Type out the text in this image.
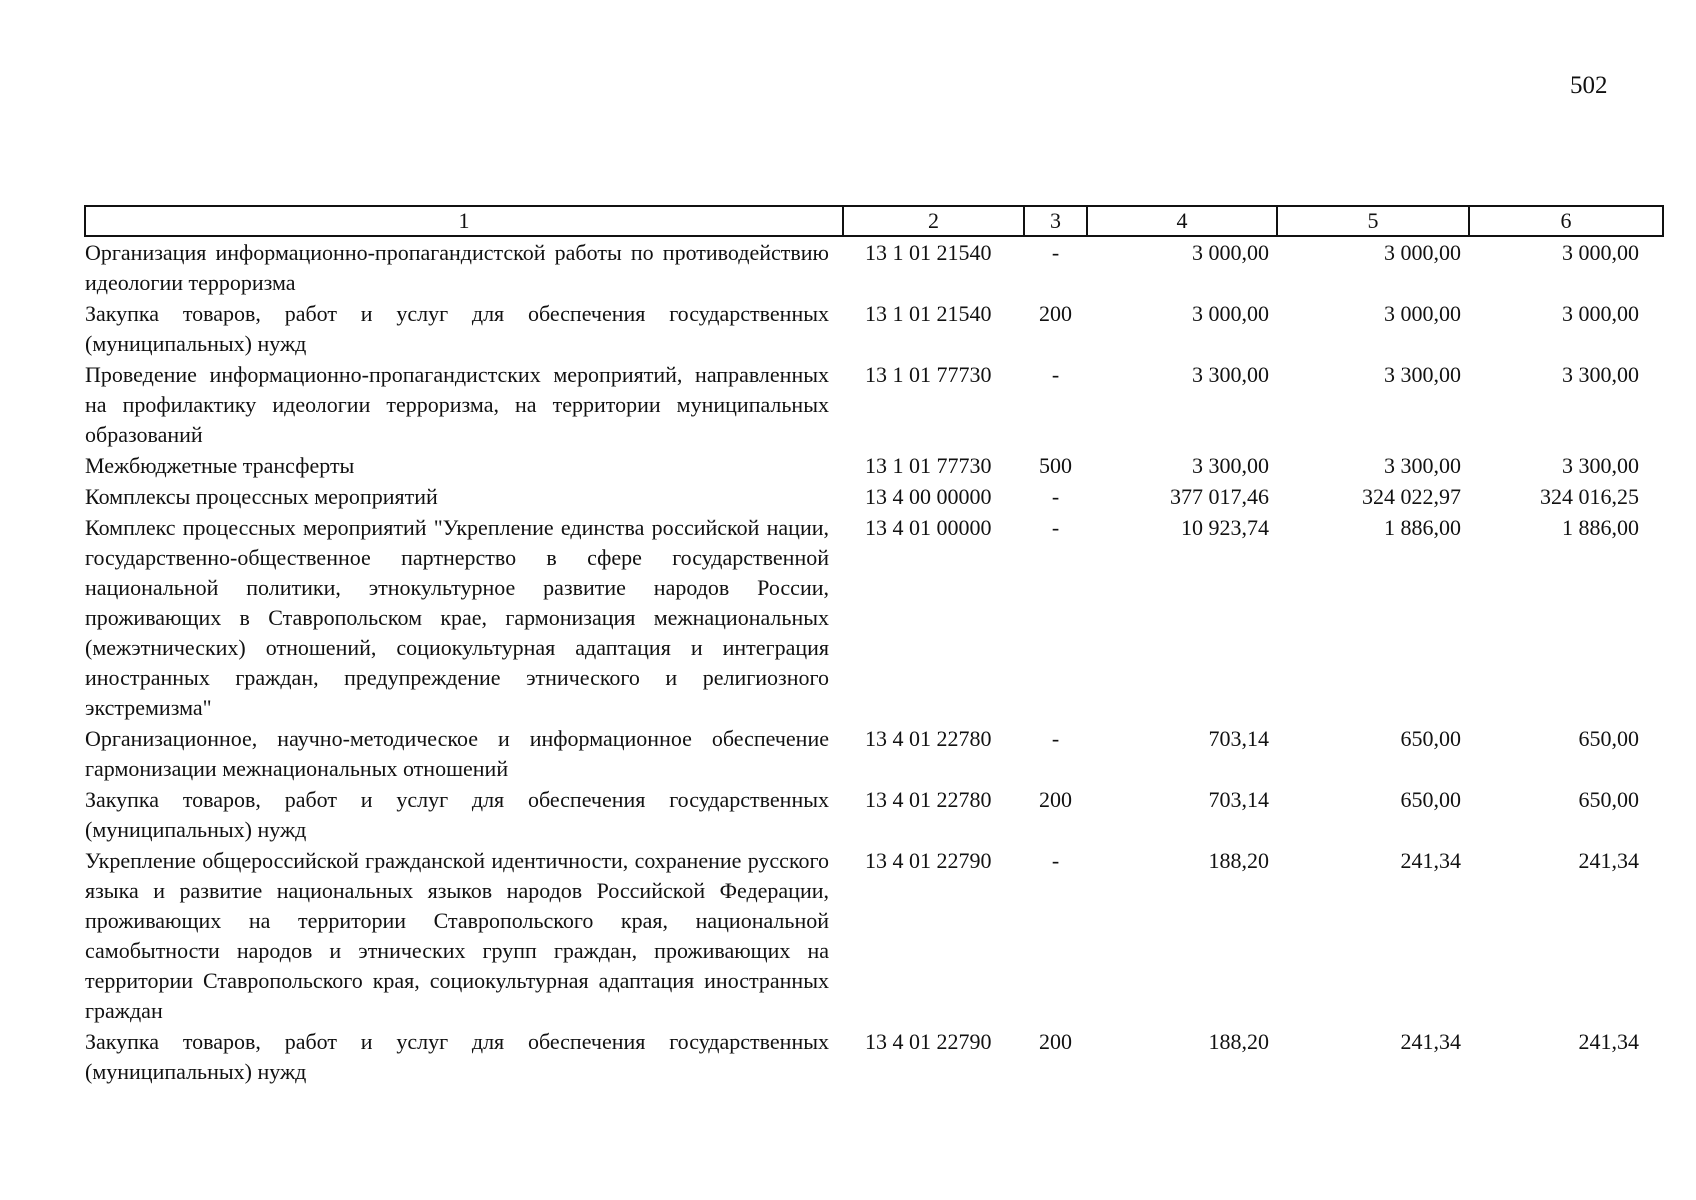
502
1	2	3	4	5	6
Организация информационно-пропагандистской работы по противодействию идеологии терроризма	13 1 01 21540	-	3 000,00	3 000,00	3 000,00
Закупка товаров, работ и услуг для обеспечения государственных (муниципальных) нужд	13 1 01 21540	200	3 000,00	3 000,00	3 000,00
Проведение информационно-пропагандистских мероприятий, направленных на профилактику идеологии терроризма, на территории муниципальных образований	13 1 01 77730	-	3 300,00	3 300,00	3 300,00
Межбюджетные трансферты	13 1 01 77730	500	3 300,00	3 300,00	3 300,00
Комплексы процессных мероприятий	13 4 00 00000	-	377 017,46	324 022,97	324 016,25
Комплекс процессных мероприятий "Укрепление единства российской нации, государственно-общественное партнерство в сфере государственной национальной политики, этнокультурное развитие народов России, проживающих в Ставропольском крае, гармонизация межнациональных (межэтнических) отношений, социокультурная адаптация и интеграция иностранных граждан, предупреждение этнического и религиозного экстремизма"	13 4 01 00000	-	10 923,74	1 886,00	1 886,00
Организационное, научно-методическое и информационное обеспечение гармонизации межнациональных отношений	13 4 01 22780	-	703,14	650,00	650,00
Закупка товаров, работ и услуг для обеспечения государственных (муниципальных) нужд	13 4 01 22780	200	703,14	650,00	650,00
Укрепление общероссийской гражданской идентичности, сохранение русского языка и развитие национальных языков народов Российской Федерации, проживающих на территории Ставропольского края, национальной самобытности народов и этнических групп граждан, проживающих на территории Ставропольского края, социокультурная адаптация иностранных граждан	13 4 01 22790	-	188,20	241,34	241,34
Закупка товаров, работ и услуг для обеспечения государственных (муниципальных) нужд	13 4 01 22790	200	188,20	241,34	241,34
